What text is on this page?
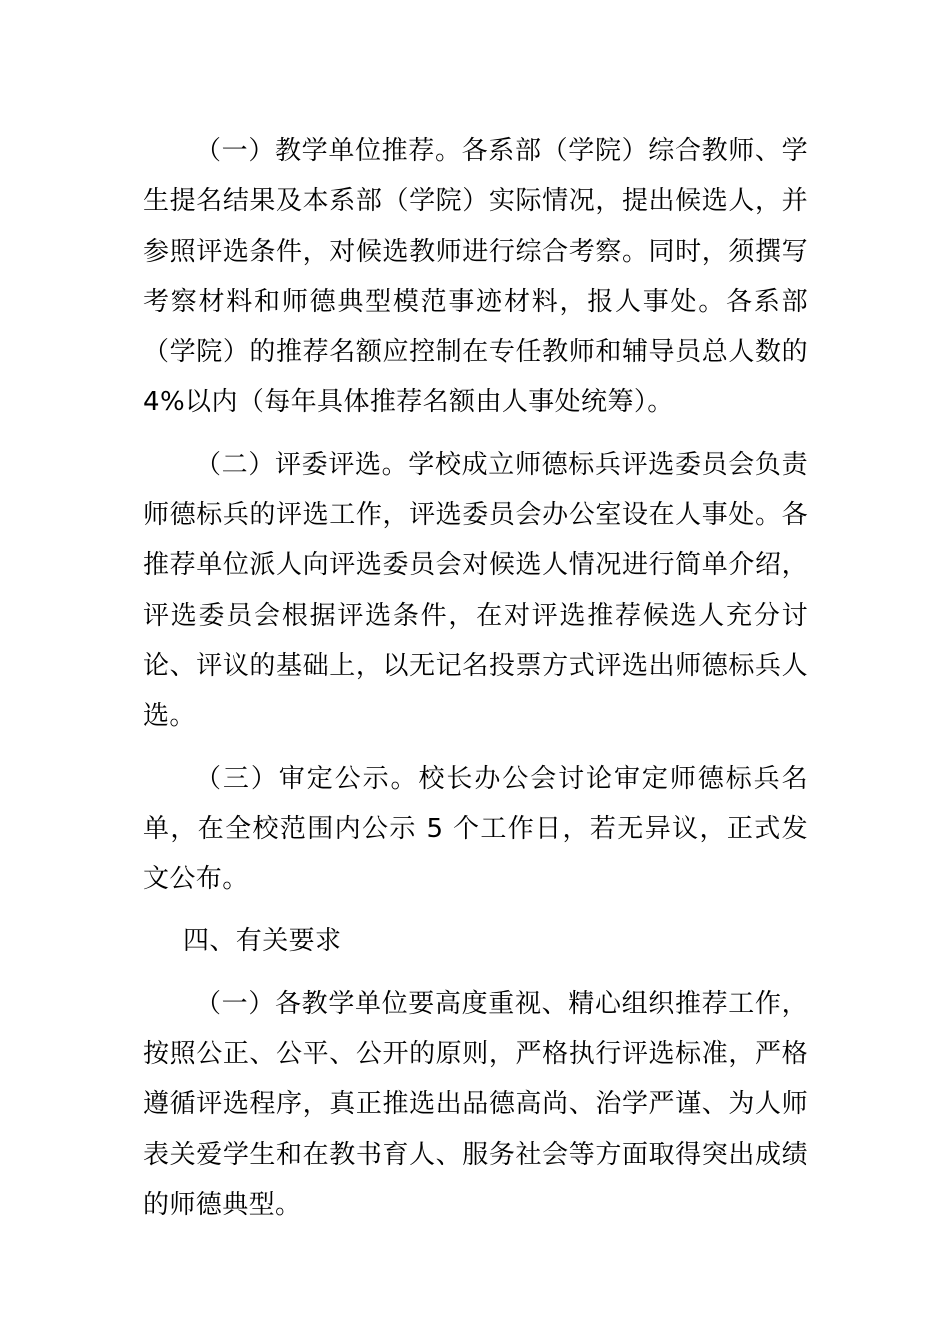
（一）教学单位推荐。各系部（学院）综合教师、学生提名结果及本系部（学院）实际情况，提出候选人，并参照评选条件，对候选教师进行综合考察。同时，须撰写考察材料和师德典型模范事迹材料，报人事处。各系部（学院）的推荐名额应控制在专任教师和辅导员总人数的 4%以内（每年具体推荐名额由人事处统筹）。

（二）评委评选。学校成立师德标兵评选委员会负责师德标兵的评选工作，评选委员会办公室设在人事处。各推荐单位派人向评选委员会对候选人情况进行简单介绍，评选委员会根据评选条件，在对评选推荐候选人充分讨论、评议的基础上，以无记名投票方式评选出师德标兵人选。

（三）审定公示。校长办公会讨论审定师德标兵名单，在全校范围内公示 5 个工作日，若无异议，正式发文公布。

四、有关要求

（一）各教学单位要高度重视、精心组织推荐工作，按照公正、公平、公开的原则，严格执行评选标准，严格遵循评选程序，真正推选出品德高尚、治学严谨、为人师表关爱学生和在教书育人、服务社会等方面取得突出成绩的师德典型。
